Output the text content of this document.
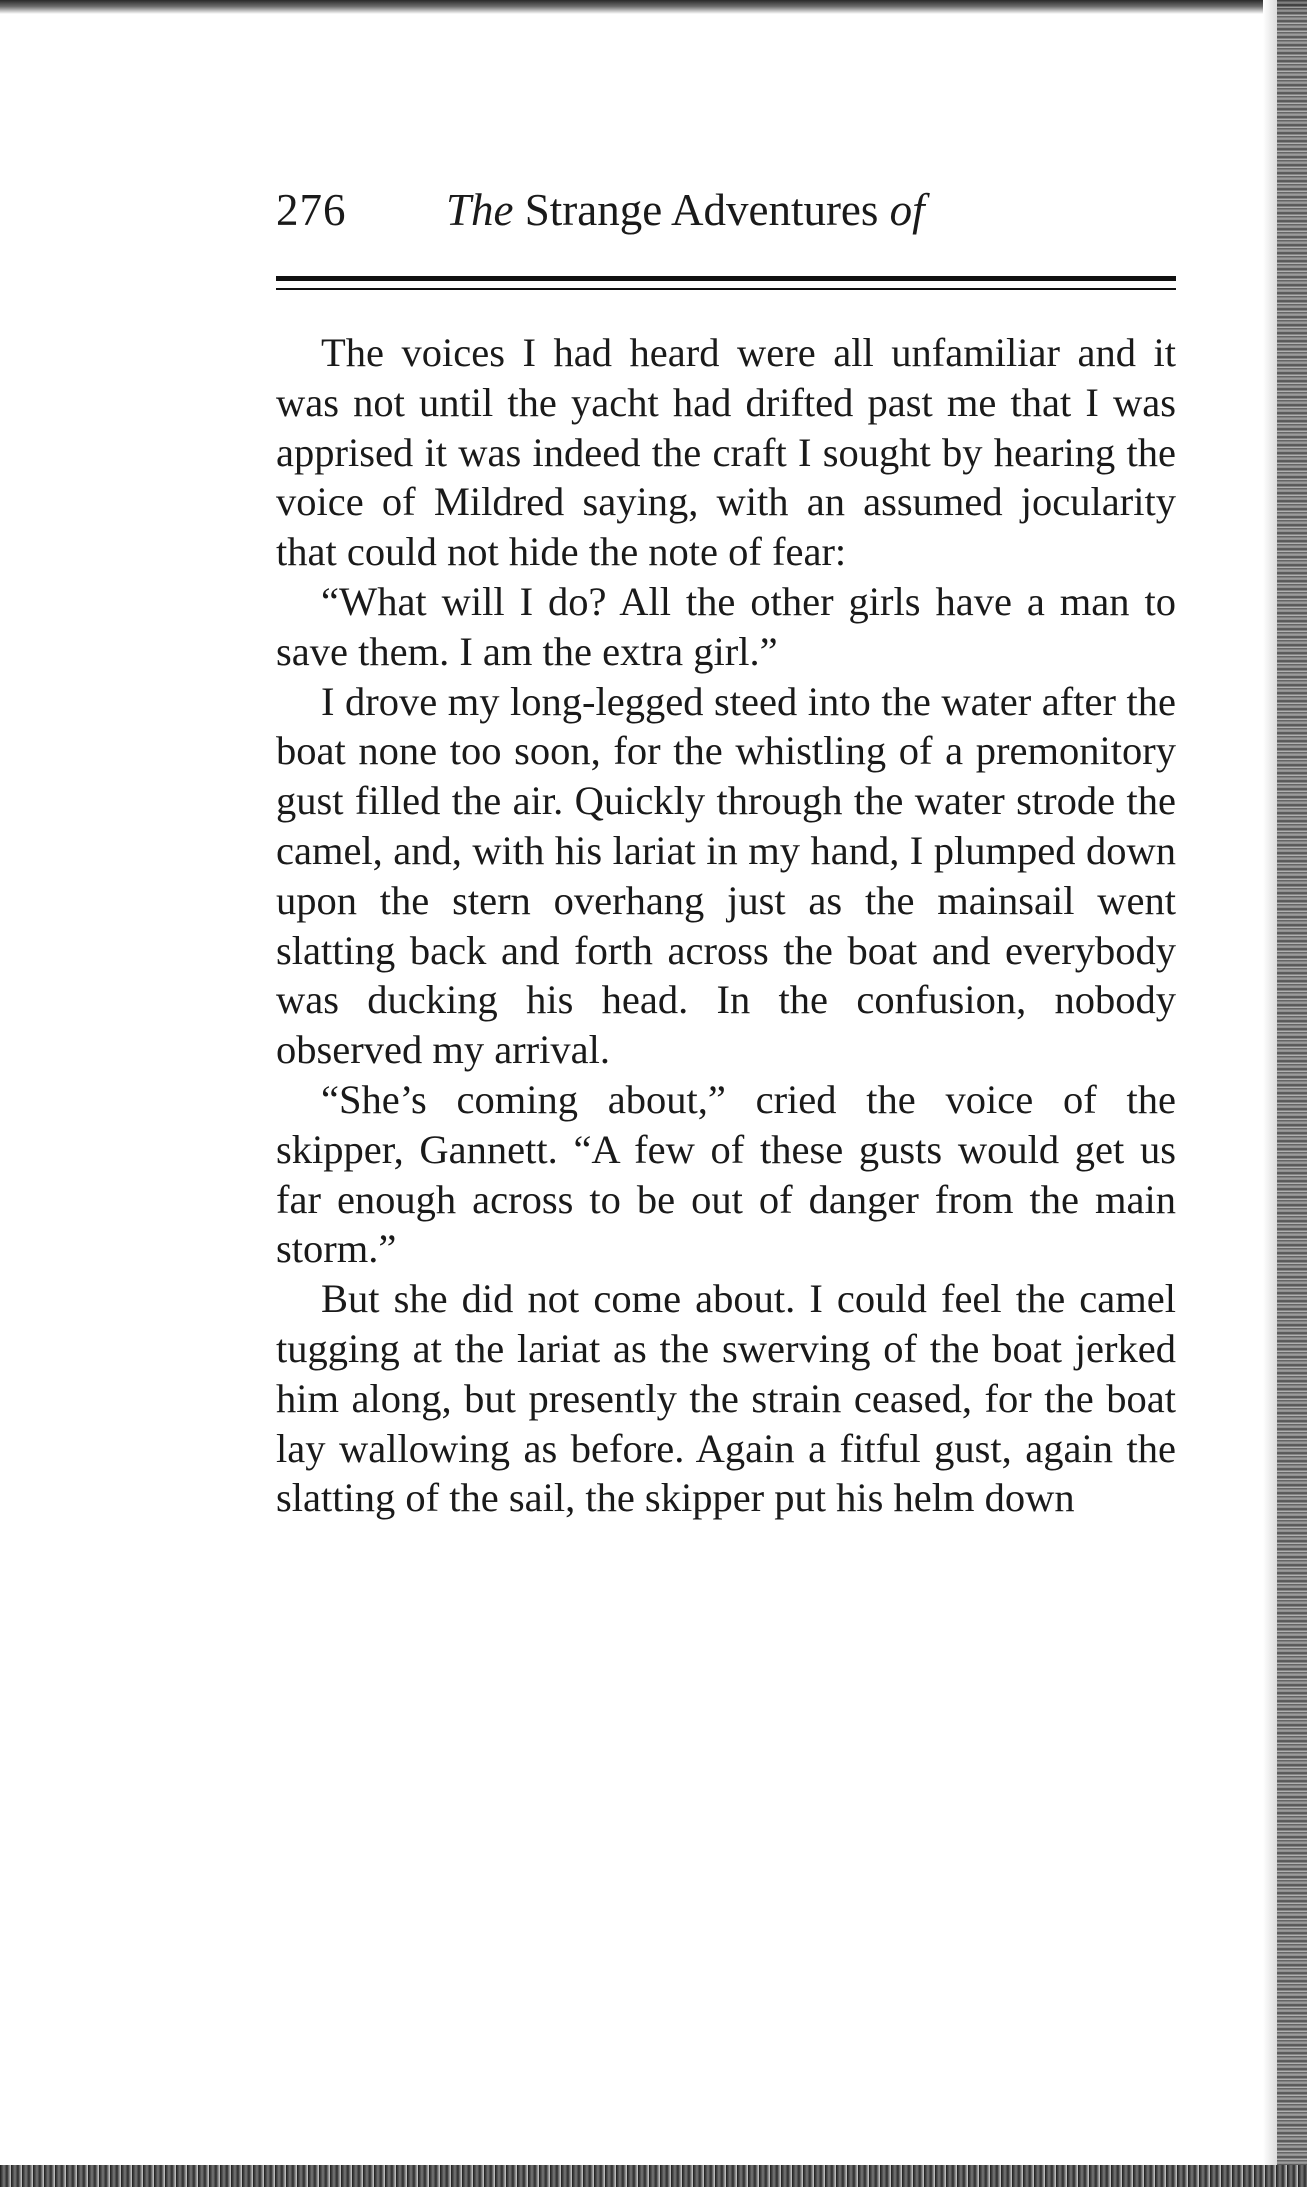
276 The Strange Adventures of

The voices I had heard were all unfamiliar and it was not until the yacht had drifted past me that I was apprised it was indeed the craft I sought by hearing the voice of Mildred saying, with an assumed jocularity that could not hide the note of fear:

“What will I do? All the other girls have a man to save them. I am the extra girl.”

I drove my long-legged steed into the water after the boat none too soon, for the whistling of a premonitory gust filled the air. Quickly through the water strode the camel, and, with his lariat in my hand, I plumped down upon the stern overhang just as the mainsail went slatting back and forth across the boat and everybody was ducking his head. In the confusion, nobody observed my arrival.

“She’s coming about,” cried the voice of the skipper, Gannett. “A few of these gusts would get us far enough across to be out of danger from the main storm.”

But she did not come about. I could feel the camel tugging at the lariat as the swerving of the boat jerked him along, but presently the strain ceased, for the boat lay wallowing as before. Again a fitful gust, again the slatting of the sail, the skipper put his helm down
